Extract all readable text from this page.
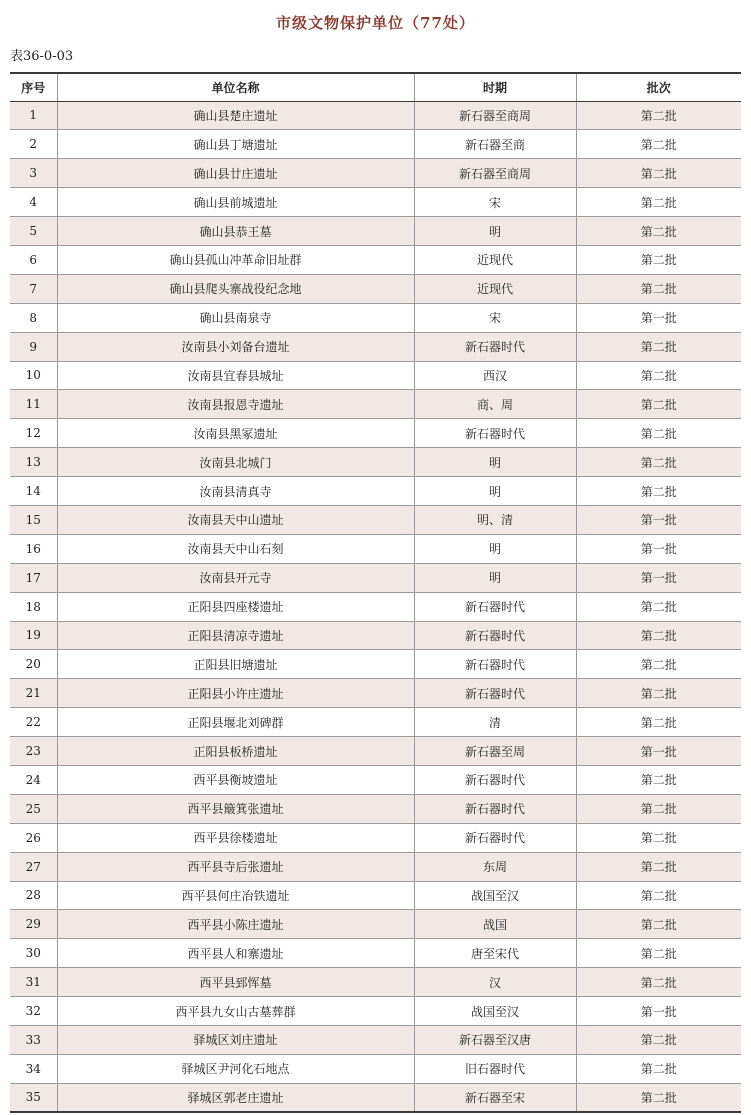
市级文物保护单位（77处）
表36-0-03
序号	单位名称	时期	批次
1	确山县楚庄遗址	新石器至商周	第二批
2	确山县丁塘遗址	新石器至商	第二批
3	确山县廿庄遗址	新石器至商周	第二批
4	确山县前城遗址	宋	第二批
5	确山县恭王墓	明	第二批
6	确山县孤山冲革命旧址群	近现代	第二批
7	确山县爬头寨战役纪念地	近现代	第二批
8	确山县南泉寺	宋	第一批
9	汝南县小刘备台遗址	新石器时代	第二批
10	汝南县宜春县城址	西汉	第二批
11	汝南县报恩寺遗址	商、周	第二批
12	汝南县黑冢遗址	新石器时代	第二批
13	汝南县北城门	明	第二批
14	汝南县清真寺	明	第二批
15	汝南县天中山遗址	明、清	第一批
16	汝南县天中山石刻	明	第一批
17	汝南县开元寺	明	第一批
18	正阳县四座楼遗址	新石器时代	第二批
19	正阳县清凉寺遗址	新石器时代	第二批
20	正阳县旧塘遗址	新石器时代	第二批
21	正阳县小许庄遗址	新石器时代	第二批
22	正阳县堰北刘碑群	清	第二批
23	正阳县板桥遗址	新石器至周	第一批
24	西平县衡坡遗址	新石器时代	第二批
25	西平县簸箕张遗址	新石器时代	第二批
26	西平县徐楼遗址	新石器时代	第二批
27	西平县寺后张遗址	东周	第二批
28	西平县何庄冶铁遗址	战国至汉	第二批
29	西平县小陈庄遗址	战国	第二批
30	西平县人和寨遗址	唐至宋代	第二批
31	西平县郅恽墓	汉	第二批
32	西平县九女山古墓葬群	战国至汉	第一批
33	驿城区刘庄遗址	新石器至汉唐	第二批
34	驿城区尹河化石地点	旧石器时代	第二批
35	驿城区郭老庄遗址	新石器至宋	第二批
